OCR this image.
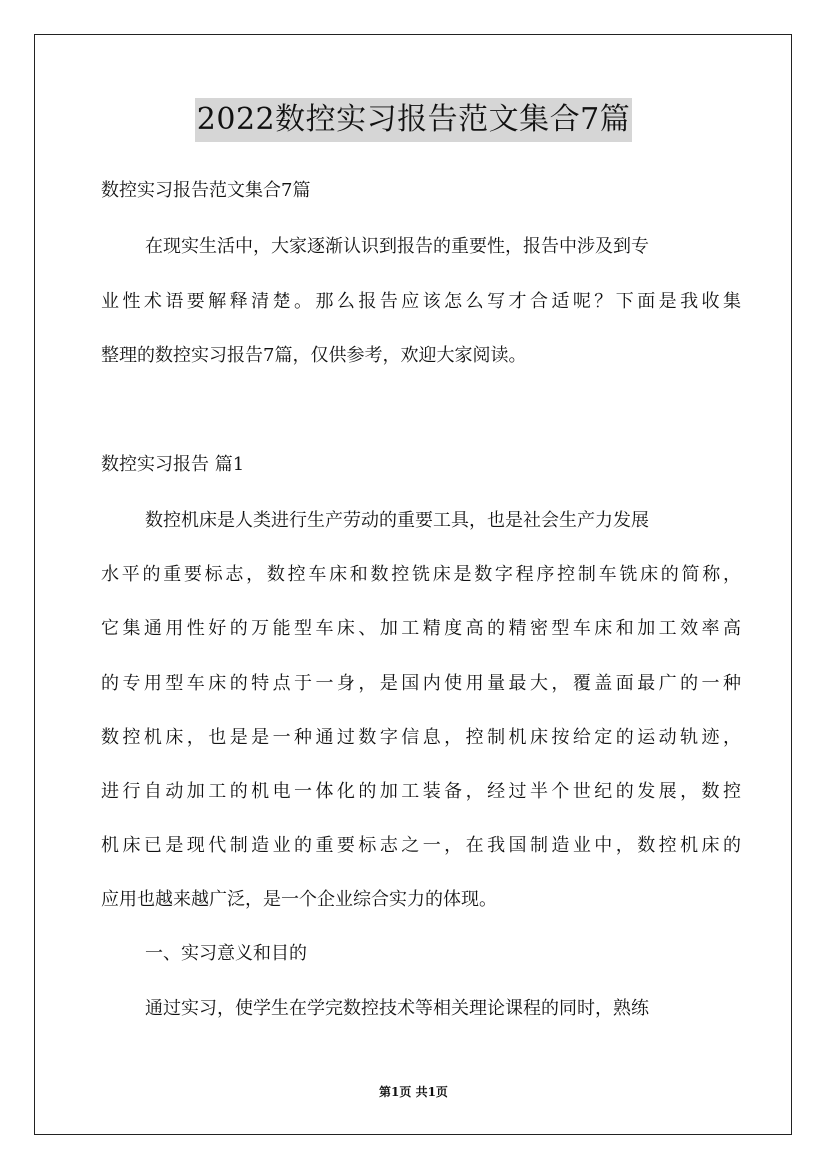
2022数控实习报告范文集合7篇

数控实习报告范文集合7篇

在现实生活中，大家逐渐认识到报告的重要性，报告中涉及到专

业性术语要解释清楚。那么报告应该怎么写才合适呢？下面是我收集

整理的数控实习报告7篇，仅供参考，欢迎大家阅读。

数控实习报告 篇1

数控机床是人类进行生产劳动的重要工具，也是社会生产力发展

水平的重要标志，数控车床和数控铣床是数字程序控制车铣床的简称，

它集通用性好的万能型车床、加工精度高的精密型车床和加工效率高

的专用型车床的特点于一身，是国内使用量最大，覆盖面最广的一种

数控机床，也是是一种通过数字信息，控制机床按给定的运动轨迹，

进行自动加工的机电一体化的加工装备，经过半个世纪的发展，数控

机床已是现代制造业的重要标志之一，在我国制造业中，数控机床的

应用也越来越广泛，是一个企业综合实力的体现。

一、实习意义和目的

通过实习，使学生在学完数控技术等相关理论课程的同时，熟练

第1页 共1页
